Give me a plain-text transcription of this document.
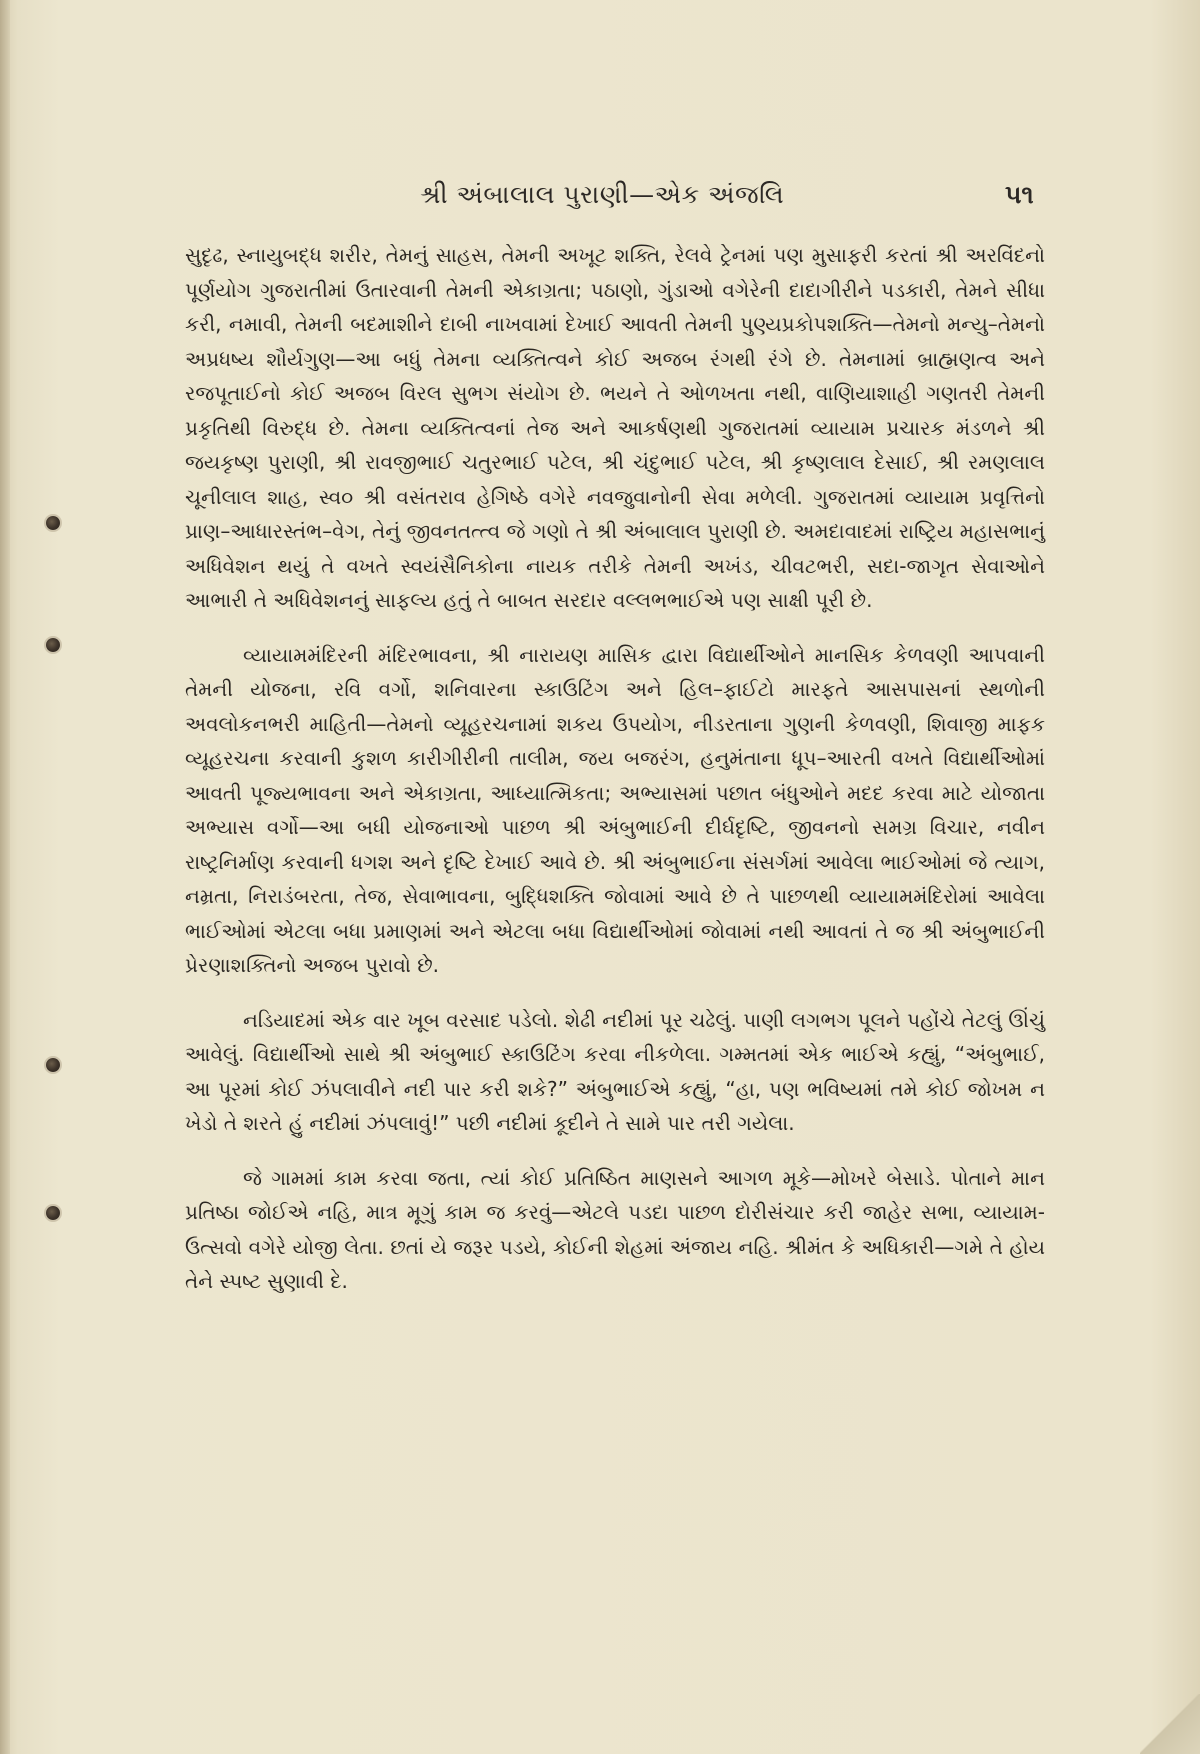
શ્રી અંબાલાલ પુરાણી—એક અંજલિ	૫૧

સુદૃઢ, સ્નાયુબદ્ધ શરીર, તેમનું સાહસ, તેમની અખૂટ શક્તિ, રેલવે ટ્રેનમાં પણ મુસાફરી કરતાં શ્રી અરવિંદનો પૂર્ણયોગ ગુજરાતીમાં ઉતારવાની તેમની એકાગ્રતા; પઠાણો, ગુંડાઓ વગેરેની દાદાગીરીને પડકારી, તેમને સીધા કરી, નમાવી, તેમની બદમાશીને દાબી નાખવામાં દેખાઈ આવતી તેમની પુણ્યપ્રકોપશક્તિ—તેમનો મન્યુ–તેમનો અપ્રધષ્ય શૌર્યગુણ—આ બધું તેમના વ્યક્તિત્વને કોઈ અજબ રંગથી રંગે છે. તેમનામાં બ્રાહ્મણત્વ અને રજપૂતાઈનો કોઈ અજબ વિરલ સુભગ સંયોગ છે. ભયને તે ઓળખતા નથી, વાણિયાશાહી ગણતરી તેમની પ્રકૃતિથી વિરુદ્ધ છે. તેમના વ્યક્તિત્વનાં તેજ અને આકર્ષણથી ગુજરાતમાં વ્યાયામ પ્રચારક મંડળને શ્રી જયકૃષ્ણ પુરાણી, શ્રી રાવજીભાઈ ચતુરભાઈ પટેલ, શ્રી ચંદુભાઈ પટેલ, શ્રી કૃષ્ણલાલ દેસાઈ, શ્રી રમણલાલ ચૂનીલાલ શાહ, સ્વ૦ શ્રી વસંતરાવ હેગિષ્ઠે વગેરે નવજુવાનોની સેવા મળેલી. ગુજરાતમાં વ્યાયામ પ્રવૃત્તિનો પ્રાણ–આધારસ્તંભ–વેગ, તેનું જીવનતત્ત્વ જે ગણો તે શ્રી અંબાલાલ પુરાણી છે. અમદાવાદમાં રાષ્ટ્રિય મહાસભાનું અધિવેશન થયું તે વખતે સ્વયંસૈનિકોના નાયક તરીકે તેમની અખંડ, ચીવટભરી, સદા-જાગૃત સેવાઓને આભારી તે અધિવેશનનું સાફલ્ય હતું તે બાબત સરદાર વલ્લભભાઈએ પણ સાક્ષી પૂરી છે.

વ્યાયામમંદિરની મંદિરભાવના, શ્રી નારાયણ માસિક દ્વારા વિદ્યાર્થીઓને માનસિક કેળવણી આપવાની તેમની યોજના, રવિ વર્ગો, શનિવારના સ્કાઉટિંગ અને હિલ–ફાઈટો મારફતે આસપાસનાં સ્થળોની અવલોકનભરી માહિતી—તેમનો વ્યૂહરચનામાં શકય ઉપયોગ, નીડરતાના ગુણની કેળવણી, શિવાજી માફક વ્યૂહરચના કરવાની કુશળ કારીગીરીની તાલીમ, જય બજરંગ, હનુમંતાના ધૂપ–આરતી વખતે વિદ્યાર્થીઓમાં આવતી પૂજ્યભાવના અને એકાગ્રતા, આધ્યાત્મિકતા; અભ્યાસમાં પછાત બંધુઓને મદદ કરવા માટે યોજાતા અભ્યાસ વર્ગો—આ બધી યોજનાઓ પાછળ શ્રી અંબુભાઈની દીર્ઘદૃષ્ટિ, જીવનનો સમગ્ર વિચાર, નવીન રાષ્ટ્રનિર્માણ કરવાની ધગશ અને દૃષ્ટિ દેખાઈ આવે છે. શ્રી અંબુભાઈના સંસર્ગમાં આવેલા ભાઈઓમાં જે ત્યાગ, નમ્રતા, નિરાડંબરતા, તેજ, સેવાભાવના, બુદ્ધિશક્તિ જોવામાં આવે છે તે પાછળથી વ્યાયામમંદિરોમાં આવેલા ભાઈઓમાં એટલા બધા પ્રમાણમાં અને એટલા બધા વિદ્યાર્થીઓમાં જોવામાં નથી આવતાં તે જ શ્રી અંબુભાઈની પ્રેરણાશક્તિનો અજબ પુરાવો છે.

નડિયાદમાં એક વાર ખૂબ વરસાદ પડેલો. શેઢી નદીમાં પૂર ચઢેલું. પાણી લગભગ પૂલને પહોંચે તેટલું ઊંચું આવેલું. વિદ્યાર્થીઓ સાથે શ્રી અંબુભાઈ સ્કાઉટિંગ કરવા નીકળેલા. ગમ્મતમાં એક ભાઈએ કહ્યું, “અંબુભાઈ, આ પૂરમાં કોઈ ઝંપલાવીને નદી પાર કરી શકે?” અંબુભાઈએ કહ્યું, “હા, પણ ભવિષ્યમાં તમે કોઈ જોખમ ન ખેડો તે શરતે હું નદીમાં ઝંપલાવું!” પછી નદીમાં કૂદીને તે સામે પાર તરી ગયેલા.

જે ગામમાં કામ કરવા જતા, ત્યાં કોઈ પ્રતિષ્ઠિત માણસને આગળ મૂકે—મોખરે બેસાડે. પોતાને માન પ્રતિષ્ઠા જોઈએ નહિ, માત્ર મૂગું કામ જ કરવું—એટલે પડદા પાછળ દોરીસંચાર કરી જાહેર સભા, વ્યાયામ-ઉત્સવો વગેરે યોજી લેતા. છતાં યે જરૂર પડયે, કોઈની શેહમાં અંજાય નહિ. શ્રીમંત કે અધિકારી—ગમે તે હોય તેને સ્પષ્ટ સુણાવી દે.
